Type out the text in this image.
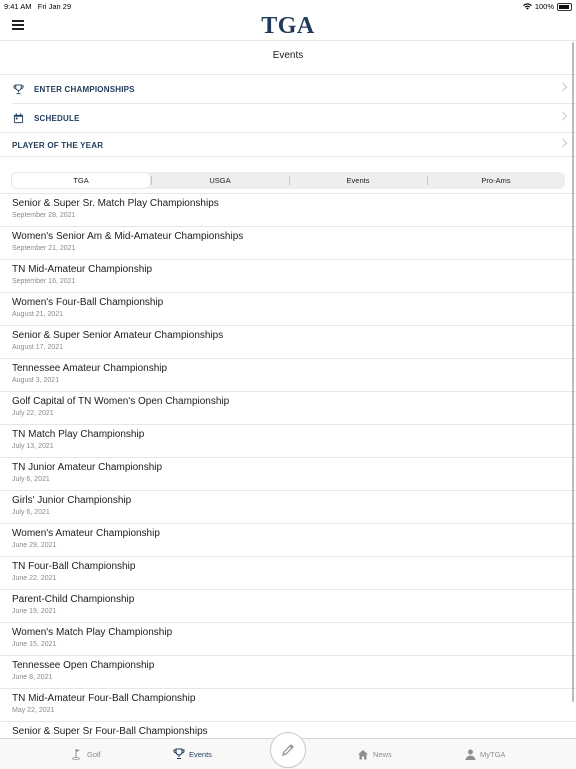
9:41 AM Fri Jan 29	100%
TGA
Events
ENTER CHAMPIONSHIPS
SCHEDULE
PLAYER OF THE YEAR
TGA	USGA	Events	Pro-Ams
Senior & Super Sr. Match Play Championships
September 28, 2021
Women's Senior Am & Mid-Amateur Championships
September 21, 2021
TN Mid-Amateur Championship
September 16, 2021
Women's Four-Ball Championship
August 21, 2021
Senior & Super Senior Amateur Championships
August 17, 2021
Tennessee Amateur Championship
August 3, 2021
Golf Capital of TN Women's Open Championship
July 22, 2021
TN Match Play Championship
July 13, 2021
TN Junior Amateur Championship
July 6, 2021
Girls' Junior Championship
July 6, 2021
Women's Amateur Championship
June 29, 2021
TN Four-Ball Championship
June 22, 2021
Parent-Child Championship
June 19, 2021
Women's Match Play Championship
June 15, 2021
Tennessee Open Championship
June 8, 2021
TN Mid-Amateur Four-Ball Championship
May 22, 2021
Senior & Super Sr Four-Ball Championships
Golf	Events	News	MyTGA
